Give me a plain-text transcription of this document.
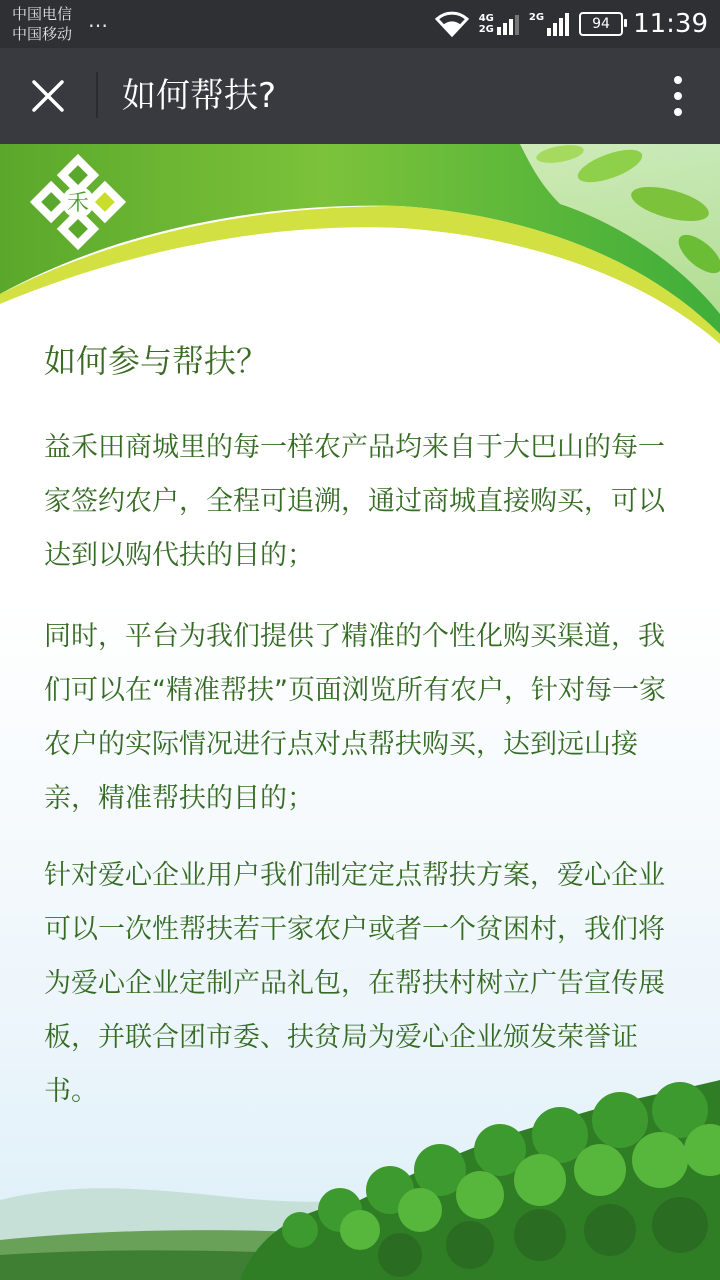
中国电信
中国移动
…	4G
2G
2G	94 11:39
如何帮扶?
禾
如何参与帮扶？
益禾田商城里的每一样农产品均来自于大巴山的每一家签约农户，全程可追溯，通过商城直接购买，可以达到以购代扶的目的；
同时，平台为我们提供了精准的个性化购买渠道，我们可以在“精准帮扶”页面浏览所有农户，针对每一家农户的实际情况进行点对点帮扶购买，达到远山接亲，精准帮扶的目的；
针对爱心企业用户我们制定定点帮扶方案，爱心企业可以一次性帮扶若干家农户或者一个贫困村，我们将为爱心企业定制产品礼包，在帮扶村树立广告宣传展板，并联合团市委、扶贫局为爱心企业颁发荣誉证书。
